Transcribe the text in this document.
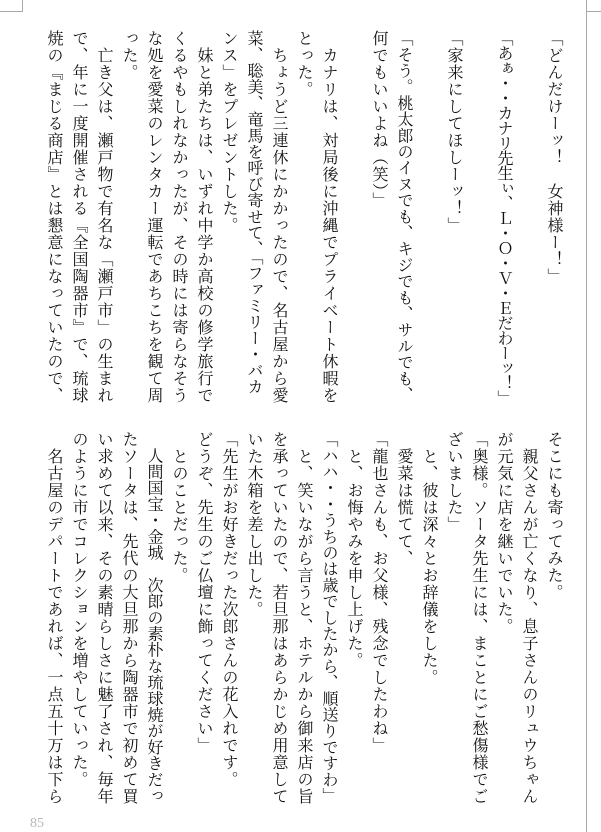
「どんだけーッ！　女神様ー！」
「あぁ・・カナリ先生ぃ、Ｌ・Ｏ・Ｖ・Ｅだわーッ！」
「家来にしてほしーッ！」
「そう。桃太郎のイヌでも、キジでも、サルでも、
何でもいいよね（笑）」
　カナリは、対局後に沖縄でプライベート休暇を
とった。
　ちょうど三連休にかかったので、名古屋から愛
菜、聡美、竜馬を呼び寄せて、「ファミリー・バカ
ンス」をプレゼントした。
　妹と弟たちは、いずれ中学か高校の修学旅行で
くるやもしれなかったが、その時には寄らなそう
な処を愛菜のレンタカー運転であちこちを観て周
った。
　亡き父は、瀬戸物で有名な「瀬戸市」の生まれ
で、年に一度開催される『全国陶器市』で、琉球
焼の『まじる商店』とは懇意になっていたので、
そこにも寄ってみた。
　親父さんが亡くなり、息子さんのリュウちゃん
が元気に店を継いでいた。
「奥様。ソータ先生には、まことにご愁傷様でご
ざいました」
　と、彼は深々とお辞儀をした。
　愛菜は慌てて、
「龍也さんも、お父様、残念でしたわね」
　と、お悔やみを申し上げた。
「ハハ・・うちのは歳でしたから、順送りですわ」
　と、笑いながら言うと、ホテルから御来店の旨
を承っていたので、若旦那はあらかじめ用意して
いた木箱を差し出した。
「先生がお好きだった次郎さんの花入れです。
どうぞ、先生のご仏壇に飾ってください」
　とのことだった。
　人間国宝・金城　次郎の素朴な琉球焼が好きだっ
たソータは、先代の大旦那から陶器市で初めて買
い求めて以来、その素晴らしさに魅了され、毎年
のように市でコレクションを増やしていった。
　名古屋のデパートであれば、一点五十万は下ら
85
